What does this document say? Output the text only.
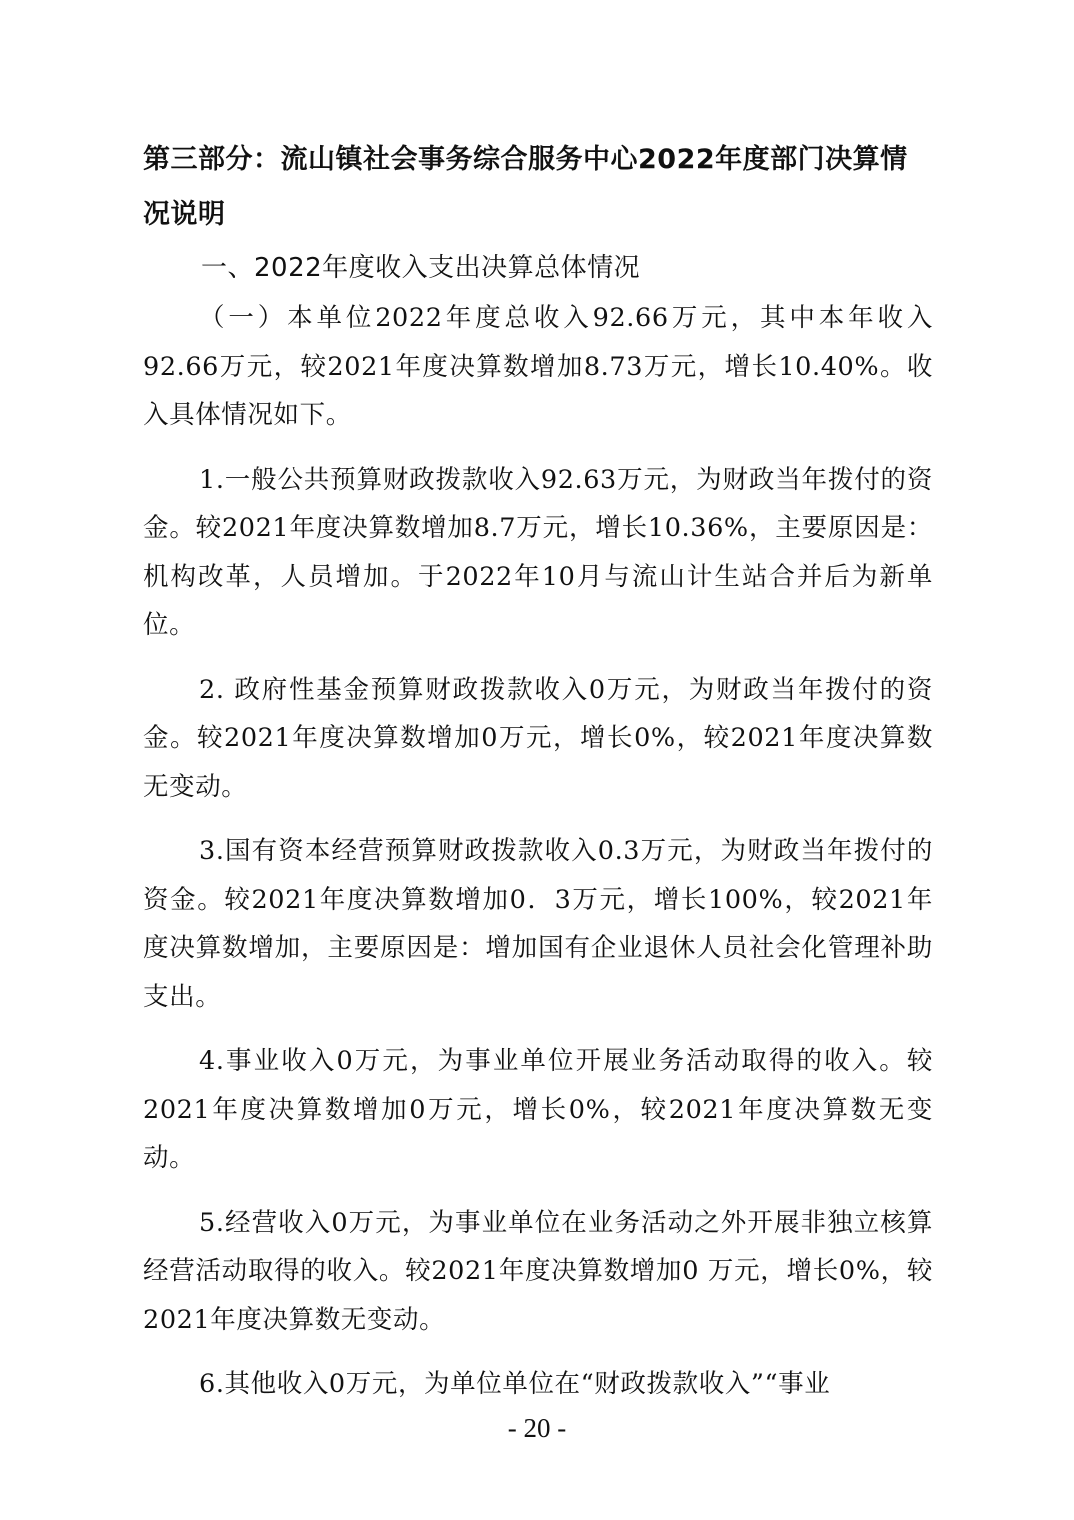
第三部分：流山镇社会事务综合服务中心2022年度部门决算情况说明

一、2022年度收入支出决算总体情况

（一）本单位2022年度总收入92.66万元，其中本年收入92.66万元，较2021年度决算数增加8.73万元，增长10.40%。收入具体情况如下。

1.一般公共预算财政拨款收入92.63万元，为财政当年拨付的资金。较2021年度决算数增加8.7万元，增长10.36%，主要原因是：机构改革，人员增加。于2022年10月与流山计生站合并后为新单位。

2. 政府性基金预算财政拨款收入0万元，为财政当年拨付的资金。较2021年度决算数增加0万元，增长0%，较2021年度决算数无变动。

3.国有资本经营预算财政拨款收入0.3万元，为财政当年拨付的资金。较2021年度决算数增加0．3万元，增长100%，较2021年度决算数增加，主要原因是：增加国有企业退休人员社会化管理补助支出。

4.事业收入0万元，为事业单位开展业务活动取得的收入。较2021年度决算数增加0万元，增长0%，较2021年度决算数无变动。

5.经营收入0万元，为事业单位在业务活动之外开展非独立核算经营活动取得的收入。较2021年度决算数增加0 万元，增长0%，较2021年度决算数无变动。

6.其他收入0万元，为单位单位在“财政拨款收入”“事业

- 20 -
